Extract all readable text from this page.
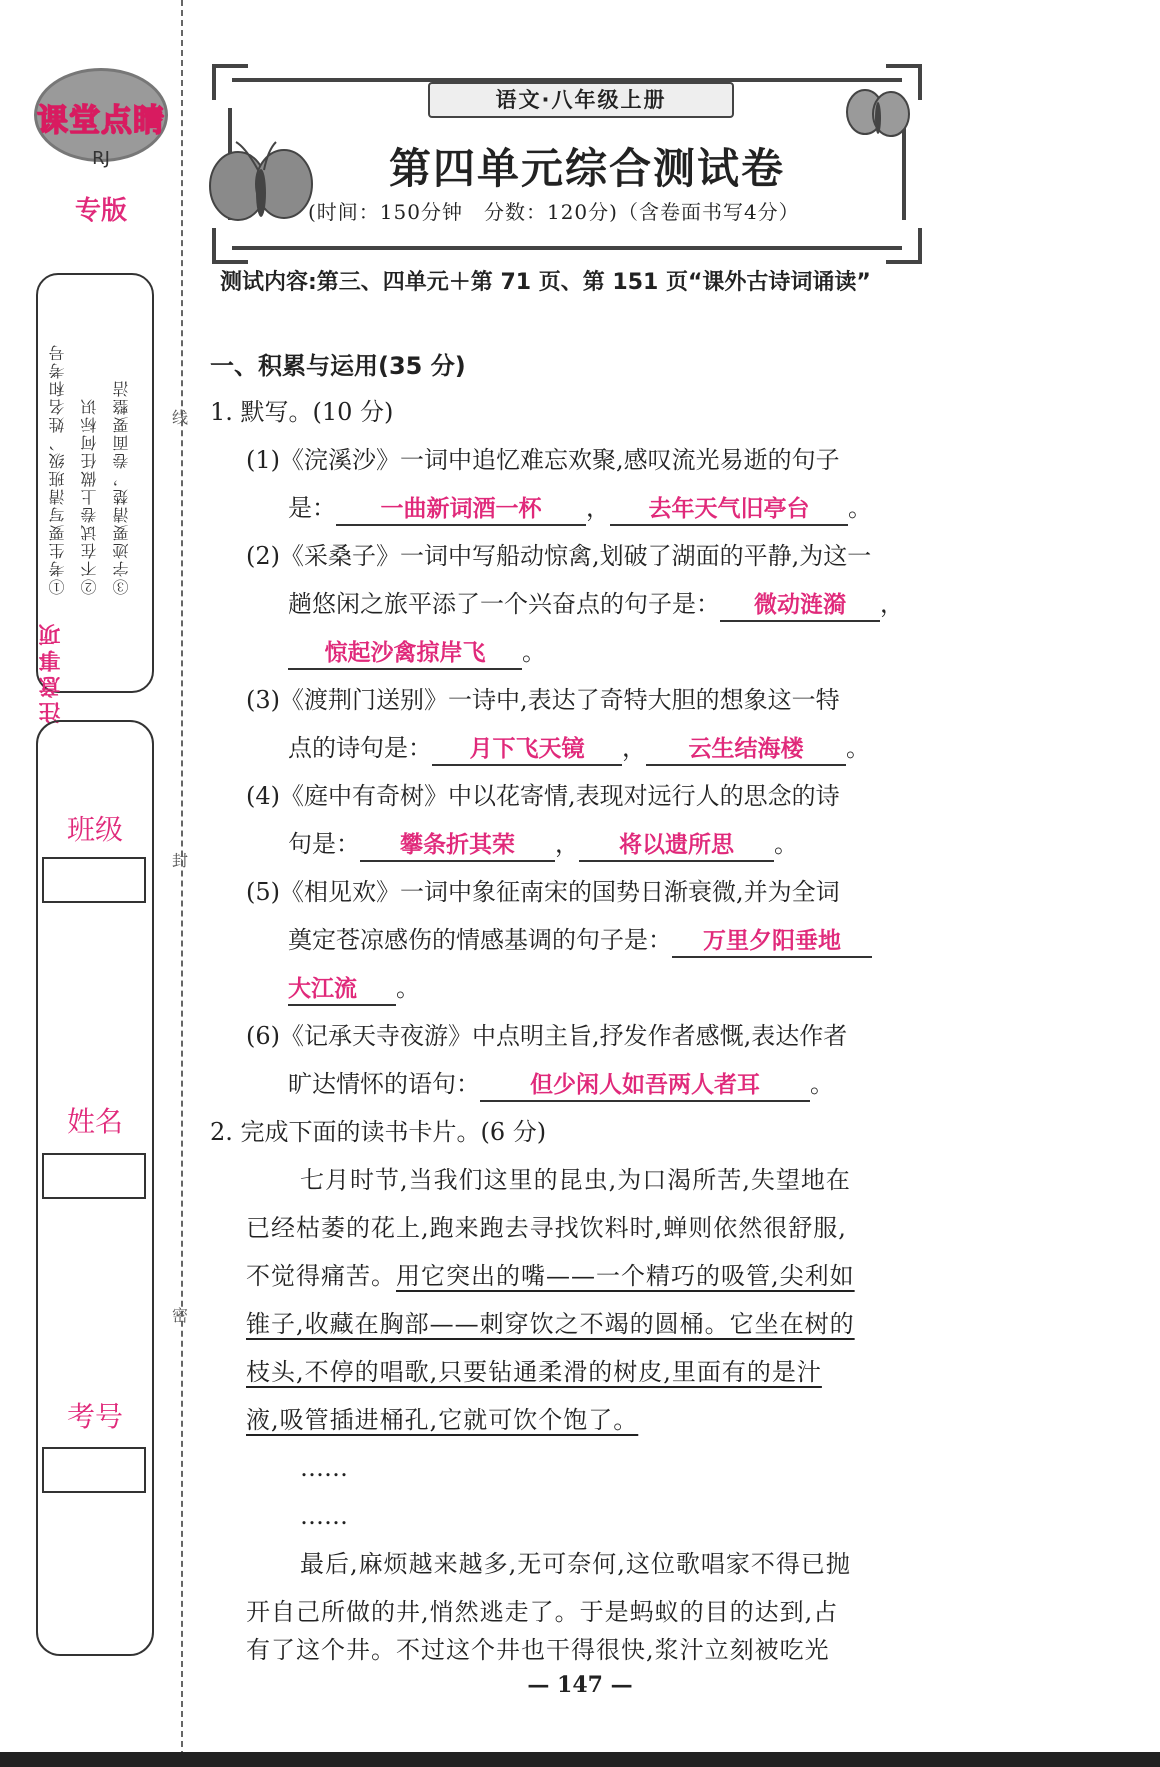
课堂点睛
RJ
专版
注意事项
①考生要写清班级、姓名和考号 ②不在试卷上做任何标识 ③字迹要清楚，卷面要整洁
班级
姓名
考号
线
封
密
语文·八年级上册
第四单元综合测试卷
(时间：150分钟　分数：120分)（含卷面书写4分）
测试内容:第三、四单元＋第 71 页、第 151 页“课外古诗词诵读”
一、积累与运用(35 分)
1. 默写。(10 分)
(1)《浣溪沙》一词中追忆难忘欢聚,感叹流光易逝的句子
是： 一曲新词酒一杯 ， 去年天气旧亭台 。
(2)《采桑子》一词中写船动惊禽,划破了湖面的平静,为这一
趟悠闲之旅平添了一个兴奋点的句子是： 微动涟漪 ，
惊起沙禽掠岸飞 。
(3)《渡荆门送别》一诗中,表达了奇特大胆的想象这一特
点的诗句是： 月下飞天镜 ， 云生结海楼 。
(4)《庭中有奇树》中以花寄情,表现对远行人的思念的诗
句是： 攀条折其荣 ， 将以遗所思 。
(5)《相见欢》一词中象征南宋的国势日渐衰微,并为全词
奠定苍凉感伤的情感基调的句子是： 万里夕阳垂地
大江流 。
(6)《记承天寺夜游》中点明主旨,抒发作者感慨,表达作者
旷达情怀的语句： 但少闲人如吾两人者耳 。
2. 完成下面的读书卡片。(6 分)
七月时节,当我们这里的昆虫,为口渴所苦,失望地在
已经枯萎的花上,跑来跑去寻找饮料时,蝉则依然很舒服,
不觉得痛苦。用它突出的嘴——一个精巧的吸管,尖利如
锥子,收藏在胸部——刺穿饮之不竭的圆桶。它坐在树的
枝头,不停的唱歌,只要钻通柔滑的树皮,里面有的是汁
液,吸管插进桶孔,它就可饮个饱了。
……
……
最后,麻烦越来越多,无可奈何,这位歌唱家不得已抛
开自己所做的井,悄然逃走了。于是蚂蚁的目的达到,占
有了这个井。不过这个井也干得很快,浆汁立刻被吃光
— 147 —
